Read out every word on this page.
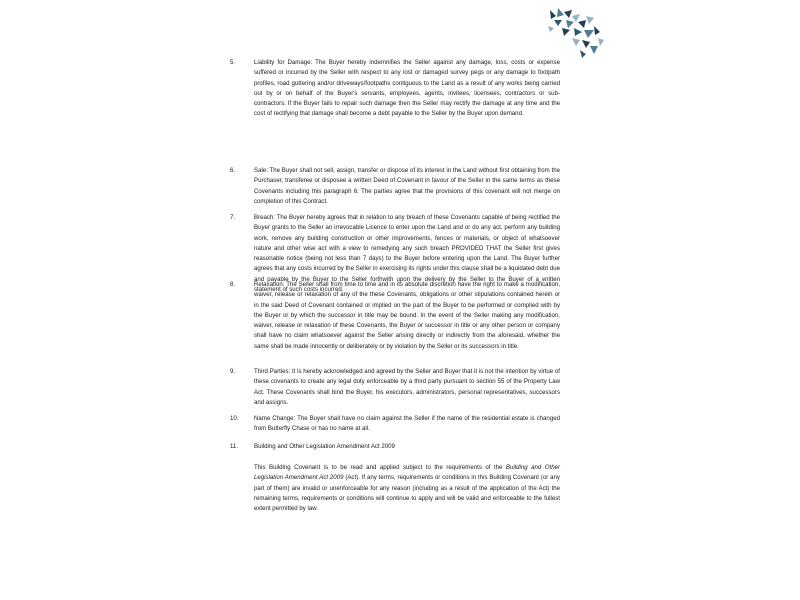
5.	Liability for Damage: The Buyer hereby indemnifies the Seller against any damage, loss, costs or expense suffered or incurred by the Seller with respect to any lost or damaged survey pegs or any damage to footpath profiles, road guttering and/or driveways/footpaths contiguous to the Land as a result of any works being carried out by or on behalf of the Buyer's servants, employees, agents, invitees, licensees, contractors or sub-contractors. If the Buyer fails to repair such damage then the Seller may rectify the damage at any time and the cost of rectifying that damage shall become a debt payable to the Seller by the Buyer upon demand.

6.	Sale: The Buyer shall not sell, assign, transfer or dispose of its interest in the Land without first obtaining from the Purchaser, transferee or disposee a written Deed of Covenant in favour of the Seller in the same terms as these Covenants including this paragraph 6. The parties agree that the provisions of this covenant will not merge on completion of this Contract.

7.	Breach: The Buyer hereby agrees that in relation to any breach of these Covenants capable of being rectified the Buyer grants to the Seller an irrevocable Licence to enter upon the Land and or do any act, perform any building work, remove any building construction or other improvements, fences or materials, or object of whatsoever nature and other wise act with a view to remedying any such breach PROVIDED THAT the Seller first gives reasonable notice (being not less than 7 days) to the Buyer before entering upon the Land. The Buyer further agrees that any costs incurred by the Seller in exercising its rights under this clause shall be a liquidated debt due and payable by the Buyer to the Seller forthwith upon the delivery by the Seller to the Buyer of a written statement of such costs incurred.

8.	Relaxation: The Seller shall from time to time and in its absolute discretion have the right to make a modification, waiver, release or relaxation of any of the these Covenants, obligations or other stipulations contained herein or in the said Deed of Covenant contained or implied on the part of the Buyer to be performed or complied with by the Buyer or by which the successor in title may be bound. In the event of the Seller making any modification, waiver, release or relaxation of these Covenants, the Buyer or successor in title or any other person or company shall have no claim whatsoever against the Seller arising directly or indirectly from the aforesaid, whether the same shall be made innocently or deliberately or by violation by the Seller or its successors in title.

9.	Third Parties: It is hereby acknowledged and agreed by the Seller and Buyer that it is not the intention by virtue of these covenants to create any legal duty enforceable by a third party pursuant to section 55 of the Property Law Act. These Covenants shall bind the Buyer, his executors, administrators, personal representatives, successors and assigns.

10.	Name Change: The Buyer shall have no claim against the Seller if the name of the residential estate is changed from Butterfly Chase or has no name at all.

11.	Building and Other Legislation Amendment Act 2009

This Building Covenant is to be read and applied subject to the requirements of the Building and Other Legislation Amendment Act 2009 (Act). If any terms, requirements or conditions in this Building Covenant (or any part of them) are invalid or unenforceable for any reason (including as a result of the application of the Act) the remaining terms, requirements or conditions will continue to apply and will be valid and enforceable to the fullest extent permitted by law.
